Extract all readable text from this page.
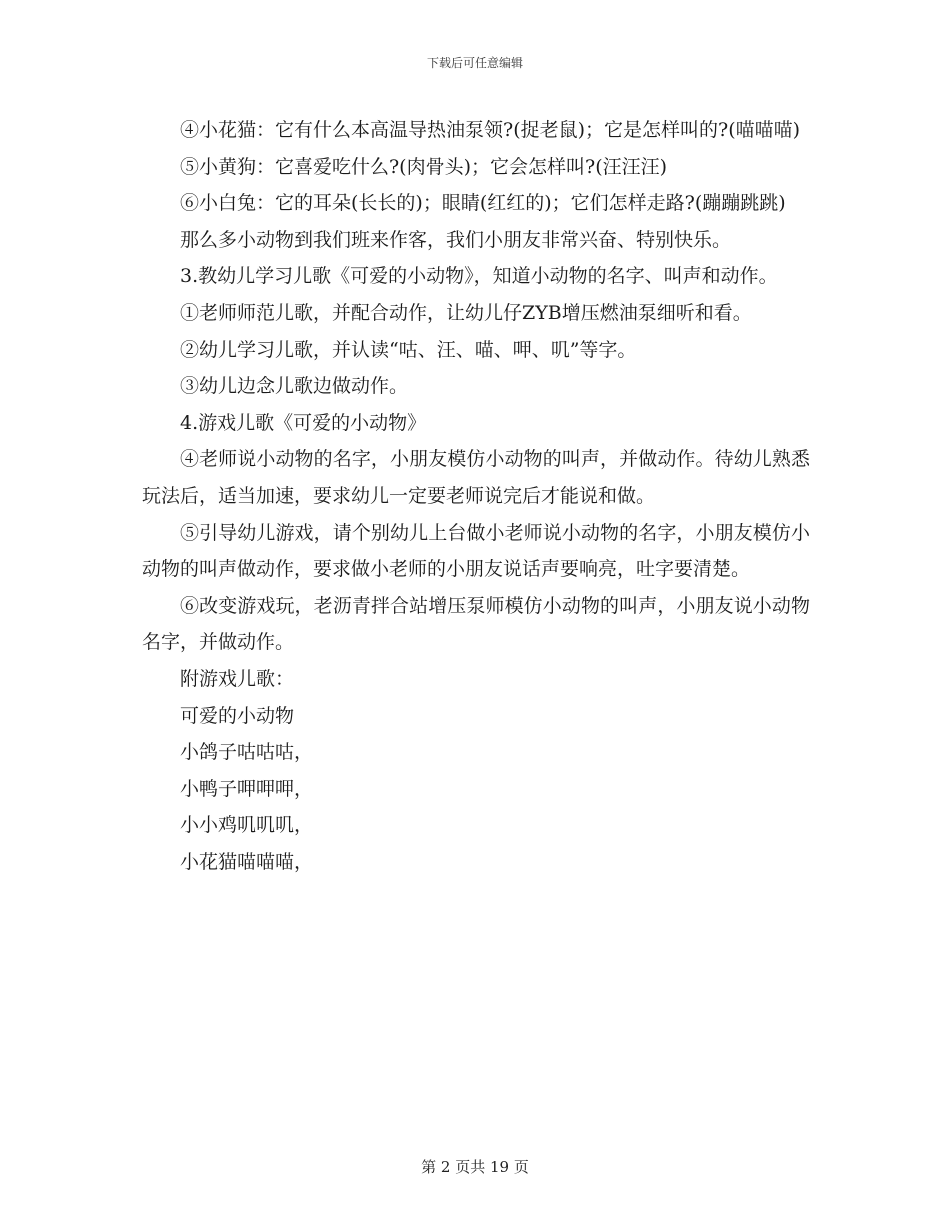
下载后可任意编辑

④小花猫：它有什么本高温导热油泵领?(捉老鼠)；它是怎样叫的?(喵喵喵)

⑤小黄狗：它喜爱吃什么?(肉骨头)；它会怎样叫?(汪汪汪)

⑥小白兔：它的耳朵(长长的)；眼睛(红红的)；它们怎样走路?(蹦蹦跳跳)

那么多小动物到我们班来作客，我们小朋友非常兴奋、特别快乐。

3.教幼儿学习儿歌《可爱的小动物》，知道小动物的名字、叫声和动作。

①老师师范儿歌，并配合动作，让幼儿仔ZYB增压燃油泵细听和看。

②幼儿学习儿歌，并认读“咕、汪、喵、呷、叽”等字。

③幼儿边念儿歌边做动作。

4.游戏儿歌《可爱的小动物》

④老师说小动物的名字，小朋友模仿小动物的叫声，并做动作。待幼儿熟悉玩法后，适当加速，要求幼儿一定要老师说完后才能说和做。

⑤引导幼儿游戏，请个别幼儿上台做小老师说小动物的名字，小朋友模仿小动物的叫声做动作，要求做小老师的小朋友说话声要响亮，吐字要清楚。

⑥改变游戏玩，老沥青拌合站增压泵师模仿小动物的叫声，小朋友说小动物名字，并做动作。

附游戏儿歌：

可爱的小动物

小鸽子咕咕咕，

小鸭子呷呷呷，

小小鸡叽叽叽，

小花猫喵喵喵，

第 2 页共 19 页
